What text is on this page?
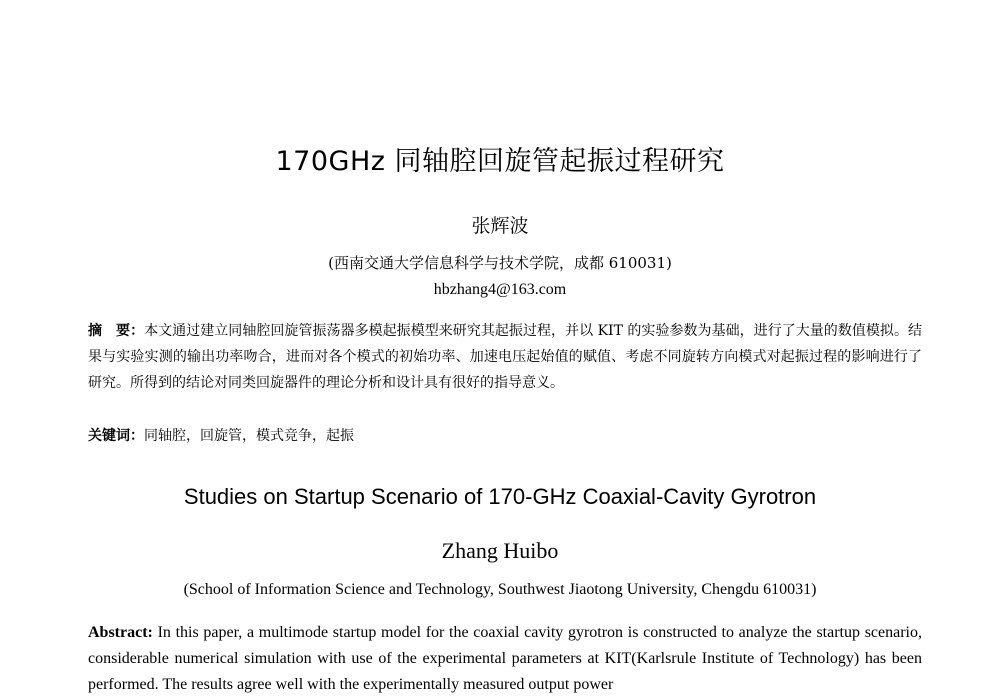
170GHz 同轴腔回旋管起振过程研究
张辉波
(西南交通大学信息科学与技术学院，成都 610031)
hbzhang4@163.com
摘　要：本文通过建立同轴腔回旋管振荡器多模起振模型来研究其起振过程，并以 KIT 的实验参数为基础，进行了大量的数值模拟。结果与实验实测的输出功率吻合，进而对各个模式的初始功率、加速电压起始值的赋值、考虑不同旋转方向模式对起振过程的影响进行了研究。所得到的结论对同类回旋器件的理论分析和设计具有很好的指导意义。
关键词：同轴腔，回旋管，模式竞争，起振
Studies on Startup Scenario of 170-GHz Coaxial-Cavity Gyrotron
Zhang Huibo
(School of Information Science and Technology, Southwest Jiaotong University, Chengdu 610031)
Abstract: In this paper, a multimode startup model for the coaxial cavity gyrotron is constructed to analyze the startup scenario, considerable numerical simulation with use of the experimental parameters at KIT(Karlsrule Institute of Technology) has been performed. The results agree well with the experimentally measured output power
